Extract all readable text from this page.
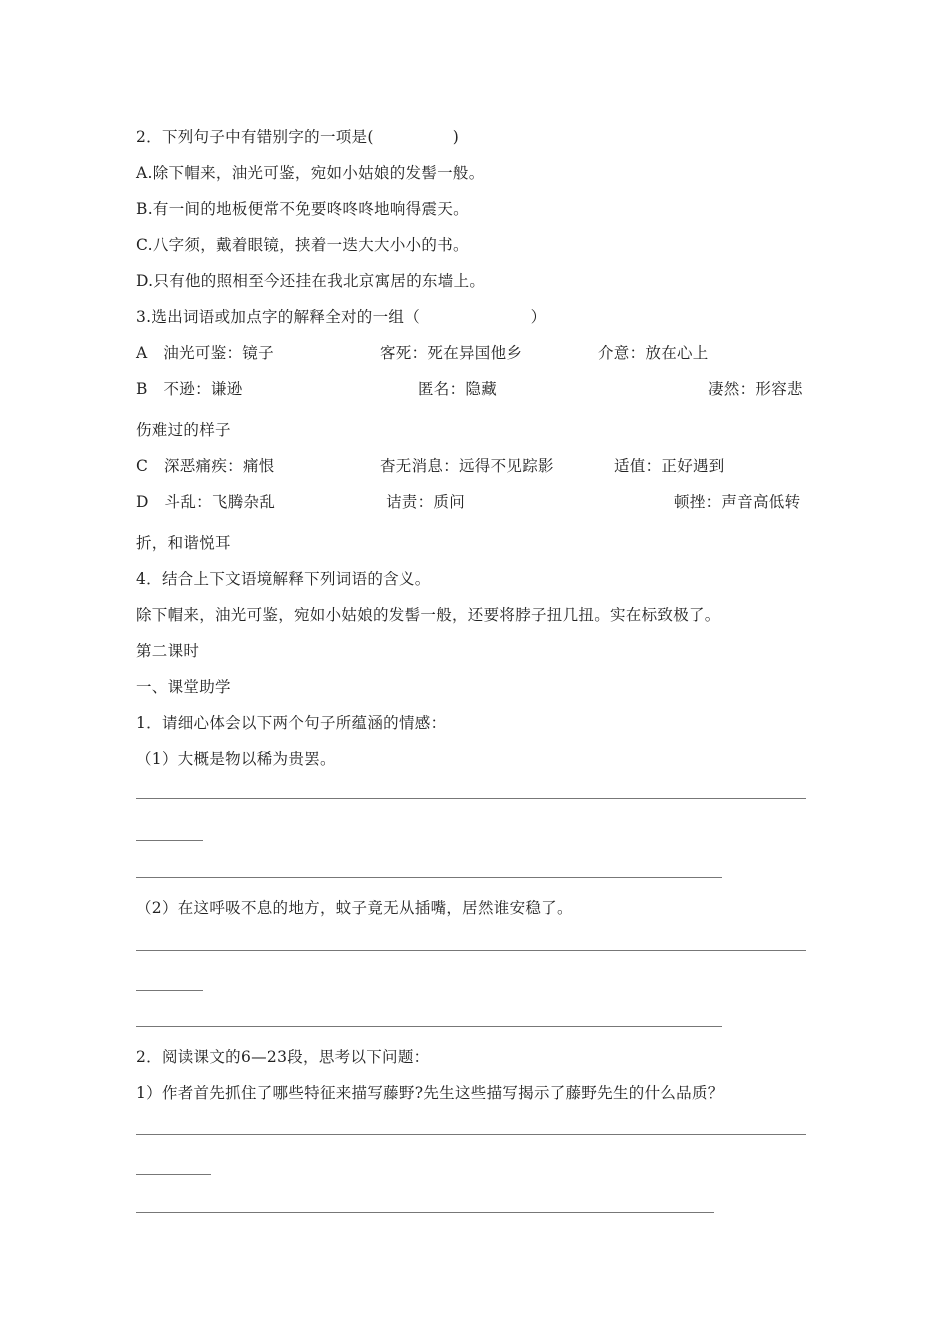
2．下列句子中有错别字的一项是(　　　　　)
A.除下帽来，油光可鉴，宛如小姑娘的发髻一般。
B.有一间的地板便常不免要咚咚咚地响得震天。
C.八字须，戴着眼镜，挟着一迭大大小小的书。
D.只有他的照相至今还挂在我北京寓居的东墙上。
3.选出词语或加点字的解释全对的一组（　　　　　　　）
A　油光可鉴：镜子	客死：死在异国他乡	介意：放在心上
B　不逊：谦逊	匿名：隐藏	凄然：形容悲
伤难过的样子
C　深恶痛疾：痛恨	杳无消息：远得不见踪影	适值：正好遇到
D　斗乱：飞腾杂乱	诘责：质问	顿挫：声音高低转
折，和谐悦耳
4．结合上下文语境解释下列词语的含义。
除下帽来，油光可鉴，宛如小姑娘的发髻一般，还要将脖子扭几扭。实在标致极了。
第二课时
一、课堂助学
1．请细心体会以下两个句子所蕴涵的情感：
（1）大概是物以稀为贵罢。
（2）在这呼吸不息的地方，蚊子竟无从插嘴，居然谁安稳了。
2．阅读课文的6—23段，思考以下问题：
1）作者首先抓住了哪些特征来描写藤野?先生这些描写揭示了藤野先生的什么品质？
